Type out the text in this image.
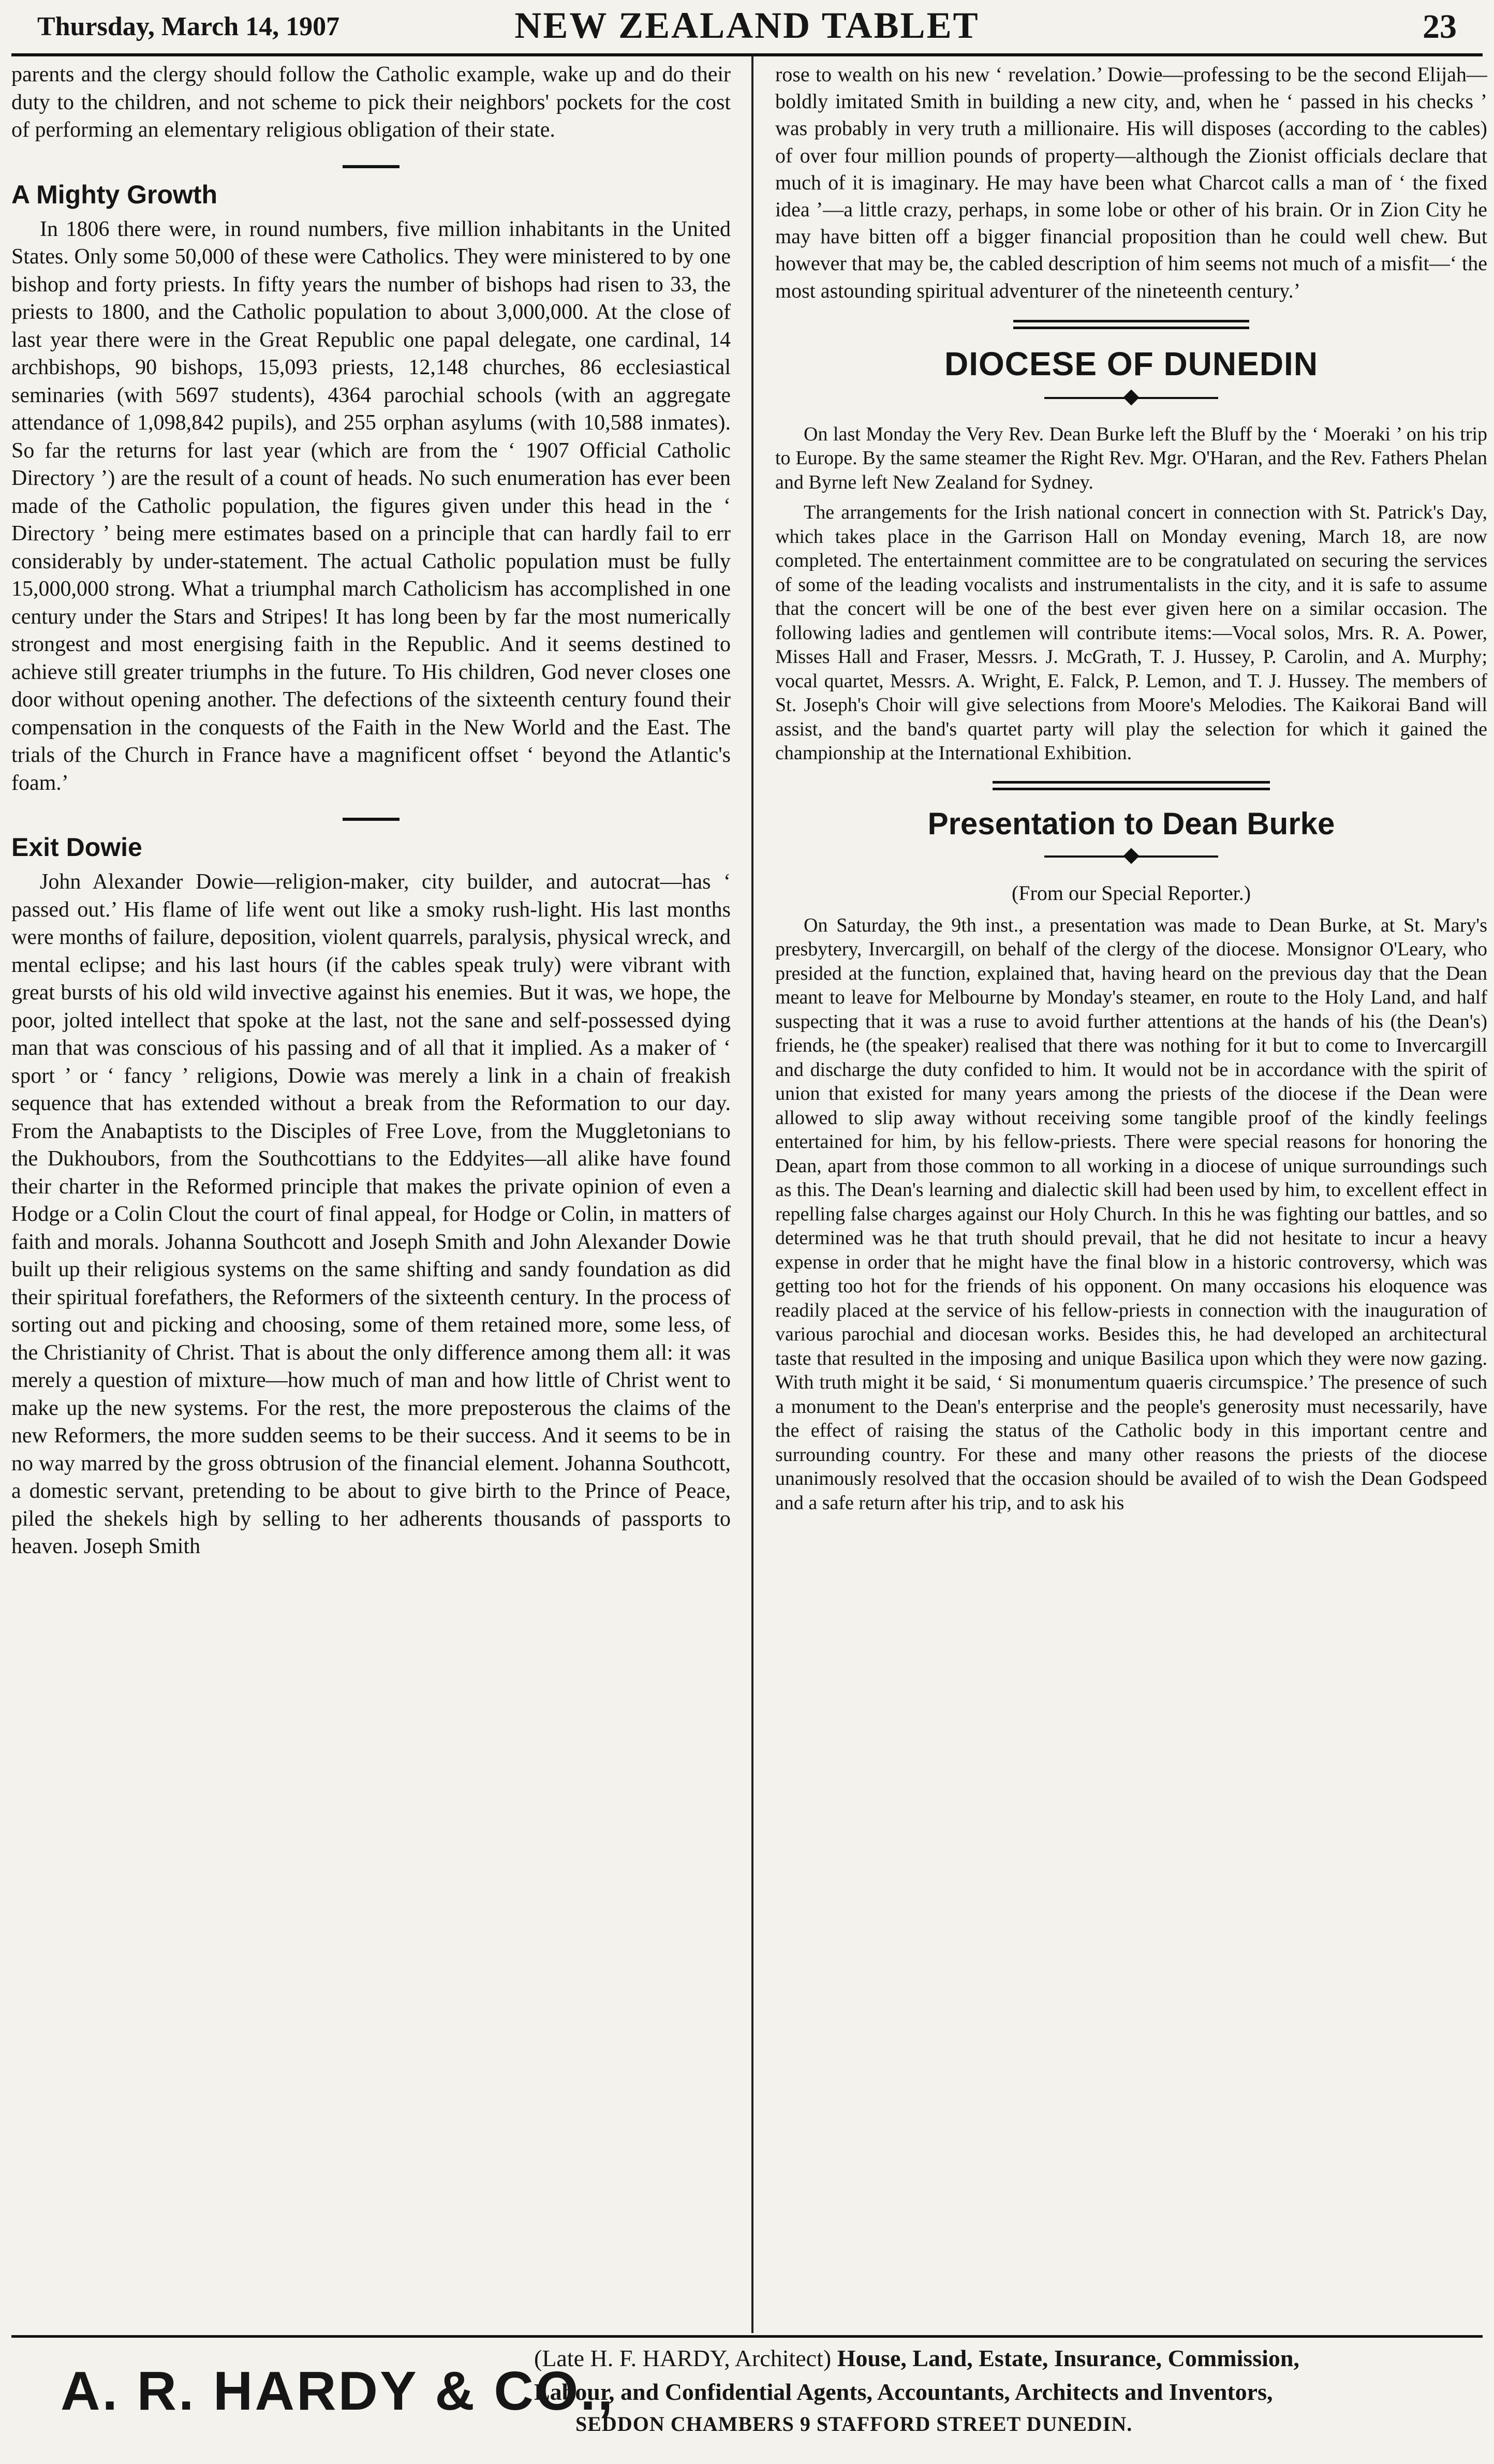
Thursday, March 14, 1907	NEW ZEALAND TABLET	23

parents and the clergy should follow the Catholic example, wake up and do their duty to the children, and not scheme to pick their neighbors' pockets for the cost of performing an elementary religious obligation of their state.

A Mighty Growth

In 1806 there were, in round numbers, five million inhabitants in the United States. Only some 50,000 of these were Catholics. They were ministered to by one bishop and forty priests. In fifty years the number of bishops had risen to 33, the priests to 1800, and the Catholic population to about 3,000,000. At the close of last year there were in the Great Republic one papal delegate, one cardinal, 14 archbishops, 90 bishops, 15,093 priests, 12,148 churches, 86 ecclesiastical seminaries (with 5697 students), 4364 parochial schools (with an aggregate attendance of 1,098,842 pupils), and 255 orphan asylums (with 10,588 inmates). So far the returns for last year (which are from the ‘ 1907 Official Catholic Directory ’) are the result of a count of heads. No such enumeration has ever been made of the Catholic population, the figures given under this head in the ‘ Directory ’ being mere estimates based on a principle that can hardly fail to err considerably by under-statement. The actual Catholic population must be fully 15,000,000 strong. What a triumphal march Catholicism has accomplished in one century under the Stars and Stripes! It has long been by far the most numerically strongest and most energising faith in the Republic. And it seems destined to achieve still greater triumphs in the future. To His children, God never closes one door without opening another. The defections of the sixteenth century found their compensation in the conquests of the Faith in the New World and the East. The trials of the Church in France have a magnificent offset ‘ beyond the Atlantic's foam.’

Exit Dowie

John Alexander Dowie—religion-maker, city builder, and autocrat—has ‘ passed out.’ His flame of life went out like a smoky rush-light. His last months were months of failure, deposition, violent quarrels, paralysis, physical wreck, and mental eclipse; and his last hours (if the cables speak truly) were vibrant with great bursts of his old wild invective against his enemies. But it was, we hope, the poor, jolted intellect that spoke at the last, not the sane and self-possessed dying man that was conscious of his passing and of all that it implied. As a maker of ‘ sport ’ or ‘ fancy ’ religions, Dowie was merely a link in a chain of freakish sequence that has extended without a break from the Reformation to our day. From the Anabaptists to the Disciples of Free Love, from the Muggletonians to the Dukhoubors, from the Southcottians to the Eddyites—all alike have found their charter in the Reformed principle that makes the private opinion of even a Hodge or a Colin Clout the court of final appeal, for Hodge or Colin, in matters of faith and morals. Johanna Southcott and Joseph Smith and John Alexander Dowie built up their religious systems on the same shifting and sandy foundation as did their spiritual forefathers, the Reformers of the sixteenth century. In the process of sorting out and picking and choosing, some of them retained more, some less, of the Christianity of Christ. That is about the only difference among them all: it was merely a question of mixture—how much of man and how little of Christ went to make up the new systems. For the rest, the more preposterous the claims of the new Reformers, the more sudden seems to be their success. And it seems to be in no way marred by the gross obtrusion of the financial element. Johanna Southcott, a domestic servant, pretending to be about to give birth to the Prince of Peace, piled the shekels high by selling to her adherents thousands of passports to heaven. Joseph Smith

rose to wealth on his new ‘ revelation.’ Dowie—professing to be the second Elijah—boldly imitated Smith in building a new city, and, when he ‘ passed in his checks ’ was probably in very truth a millionaire. His will disposes (according to the cables) of over four million pounds of property—although the Zionist officials declare that much of it is imaginary. He may have been what Charcot calls a man of ‘ the fixed idea ’—a little crazy, perhaps, in some lobe or other of his brain. Or in Zion City he may have bitten off a bigger financial proposition than he could well chew. But however that may be, the cabled description of him seems not much of a misfit—‘ the most astounding spiritual adventurer of the nineteenth century.’

DIOCESE OF DUNEDIN

On last Monday the Very Rev. Dean Burke left the Bluff by the ‘ Moeraki ’ on his trip to Europe. By the same steamer the Right Rev. Mgr. O'Haran, and the Rev. Fathers Phelan and Byrne left New Zealand for Sydney.

The arrangements for the Irish national concert in connection with St. Patrick's Day, which takes place in the Garrison Hall on Monday evening, March 18, are now completed. The entertainment committee are to be congratulated on securing the services of some of the leading vocalists and instrumentalists in the city, and it is safe to assume that the concert will be one of the best ever given here on a similar occasion. The following ladies and gentlemen will contribute items:—Vocal solos, Mrs. R. A. Power, Misses Hall and Fraser, Messrs. J. McGrath, T. J. Hussey, P. Carolin, and A. Murphy; vocal quartet, Messrs. A. Wright, E. Falck, P. Lemon, and T. J. Hussey. The members of St. Joseph's Choir will give selections from Moore's Melodies. The Kaikorai Band will assist, and the band's quartet party will play the selection for which it gained the championship at the International Exhibition.

Presentation to Dean Burke
(From our Special Reporter.)

On Saturday, the 9th inst., a presentation was made to Dean Burke, at St. Mary's presbytery, Invercargill, on behalf of the clergy of the diocese. Monsignor O'Leary, who presided at the function, explained that, having heard on the previous day that the Dean meant to leave for Melbourne by Monday's steamer, en route to the Holy Land, and half suspecting that it was a ruse to avoid further attentions at the hands of his (the Dean's) friends, he (the speaker) realised that there was nothing for it but to come to Invercargill and discharge the duty confided to him. It would not be in accordance with the spirit of union that existed for many years among the priests of the diocese if the Dean were allowed to slip away without receiving some tangible proof of the kindly feelings entertained for him, by his fellow-priests. There were special reasons for honoring the Dean, apart from those common to all working in a diocese of unique surroundings such as this. The Dean's learning and dialectic skill had been used by him, to excellent effect in repelling false charges against our Holy Church. In this he was fighting our battles, and so determined was he that truth should prevail, that he did not hesitate to incur a heavy expense in order that he might have the final blow in a historic controversy, which was getting too hot for the friends of his opponent. On many occasions his eloquence was readily placed at the service of his fellow-priests in connection with the inauguration of various parochial and diocesan works. Besides this, he had developed an architectural taste that resulted in the imposing and unique Basilica upon which they were now gazing. With truth might it be said, ‘ Si monumentum quaeris circumspice.’ The presence of such a monument to the Dean's enterprise and the people's generosity must necessarily, have the effect of raising the status of the Catholic body in this important centre and surrounding country. For these and many other reasons the priests of the diocese unanimously resolved that the occasion should be availed of to wish the Dean Godspeed and a safe return after his trip, and to ask his

A. R. HARDY & CO.,
(Late H. F. HARDY, Architect) House, Land, Estate, Insurance, Commission,
Labour, and Confidential Agents, Accountants, Architects and Inventors,
SEDDON CHAMBERS 9 STAFFORD STREET DUNEDIN.
